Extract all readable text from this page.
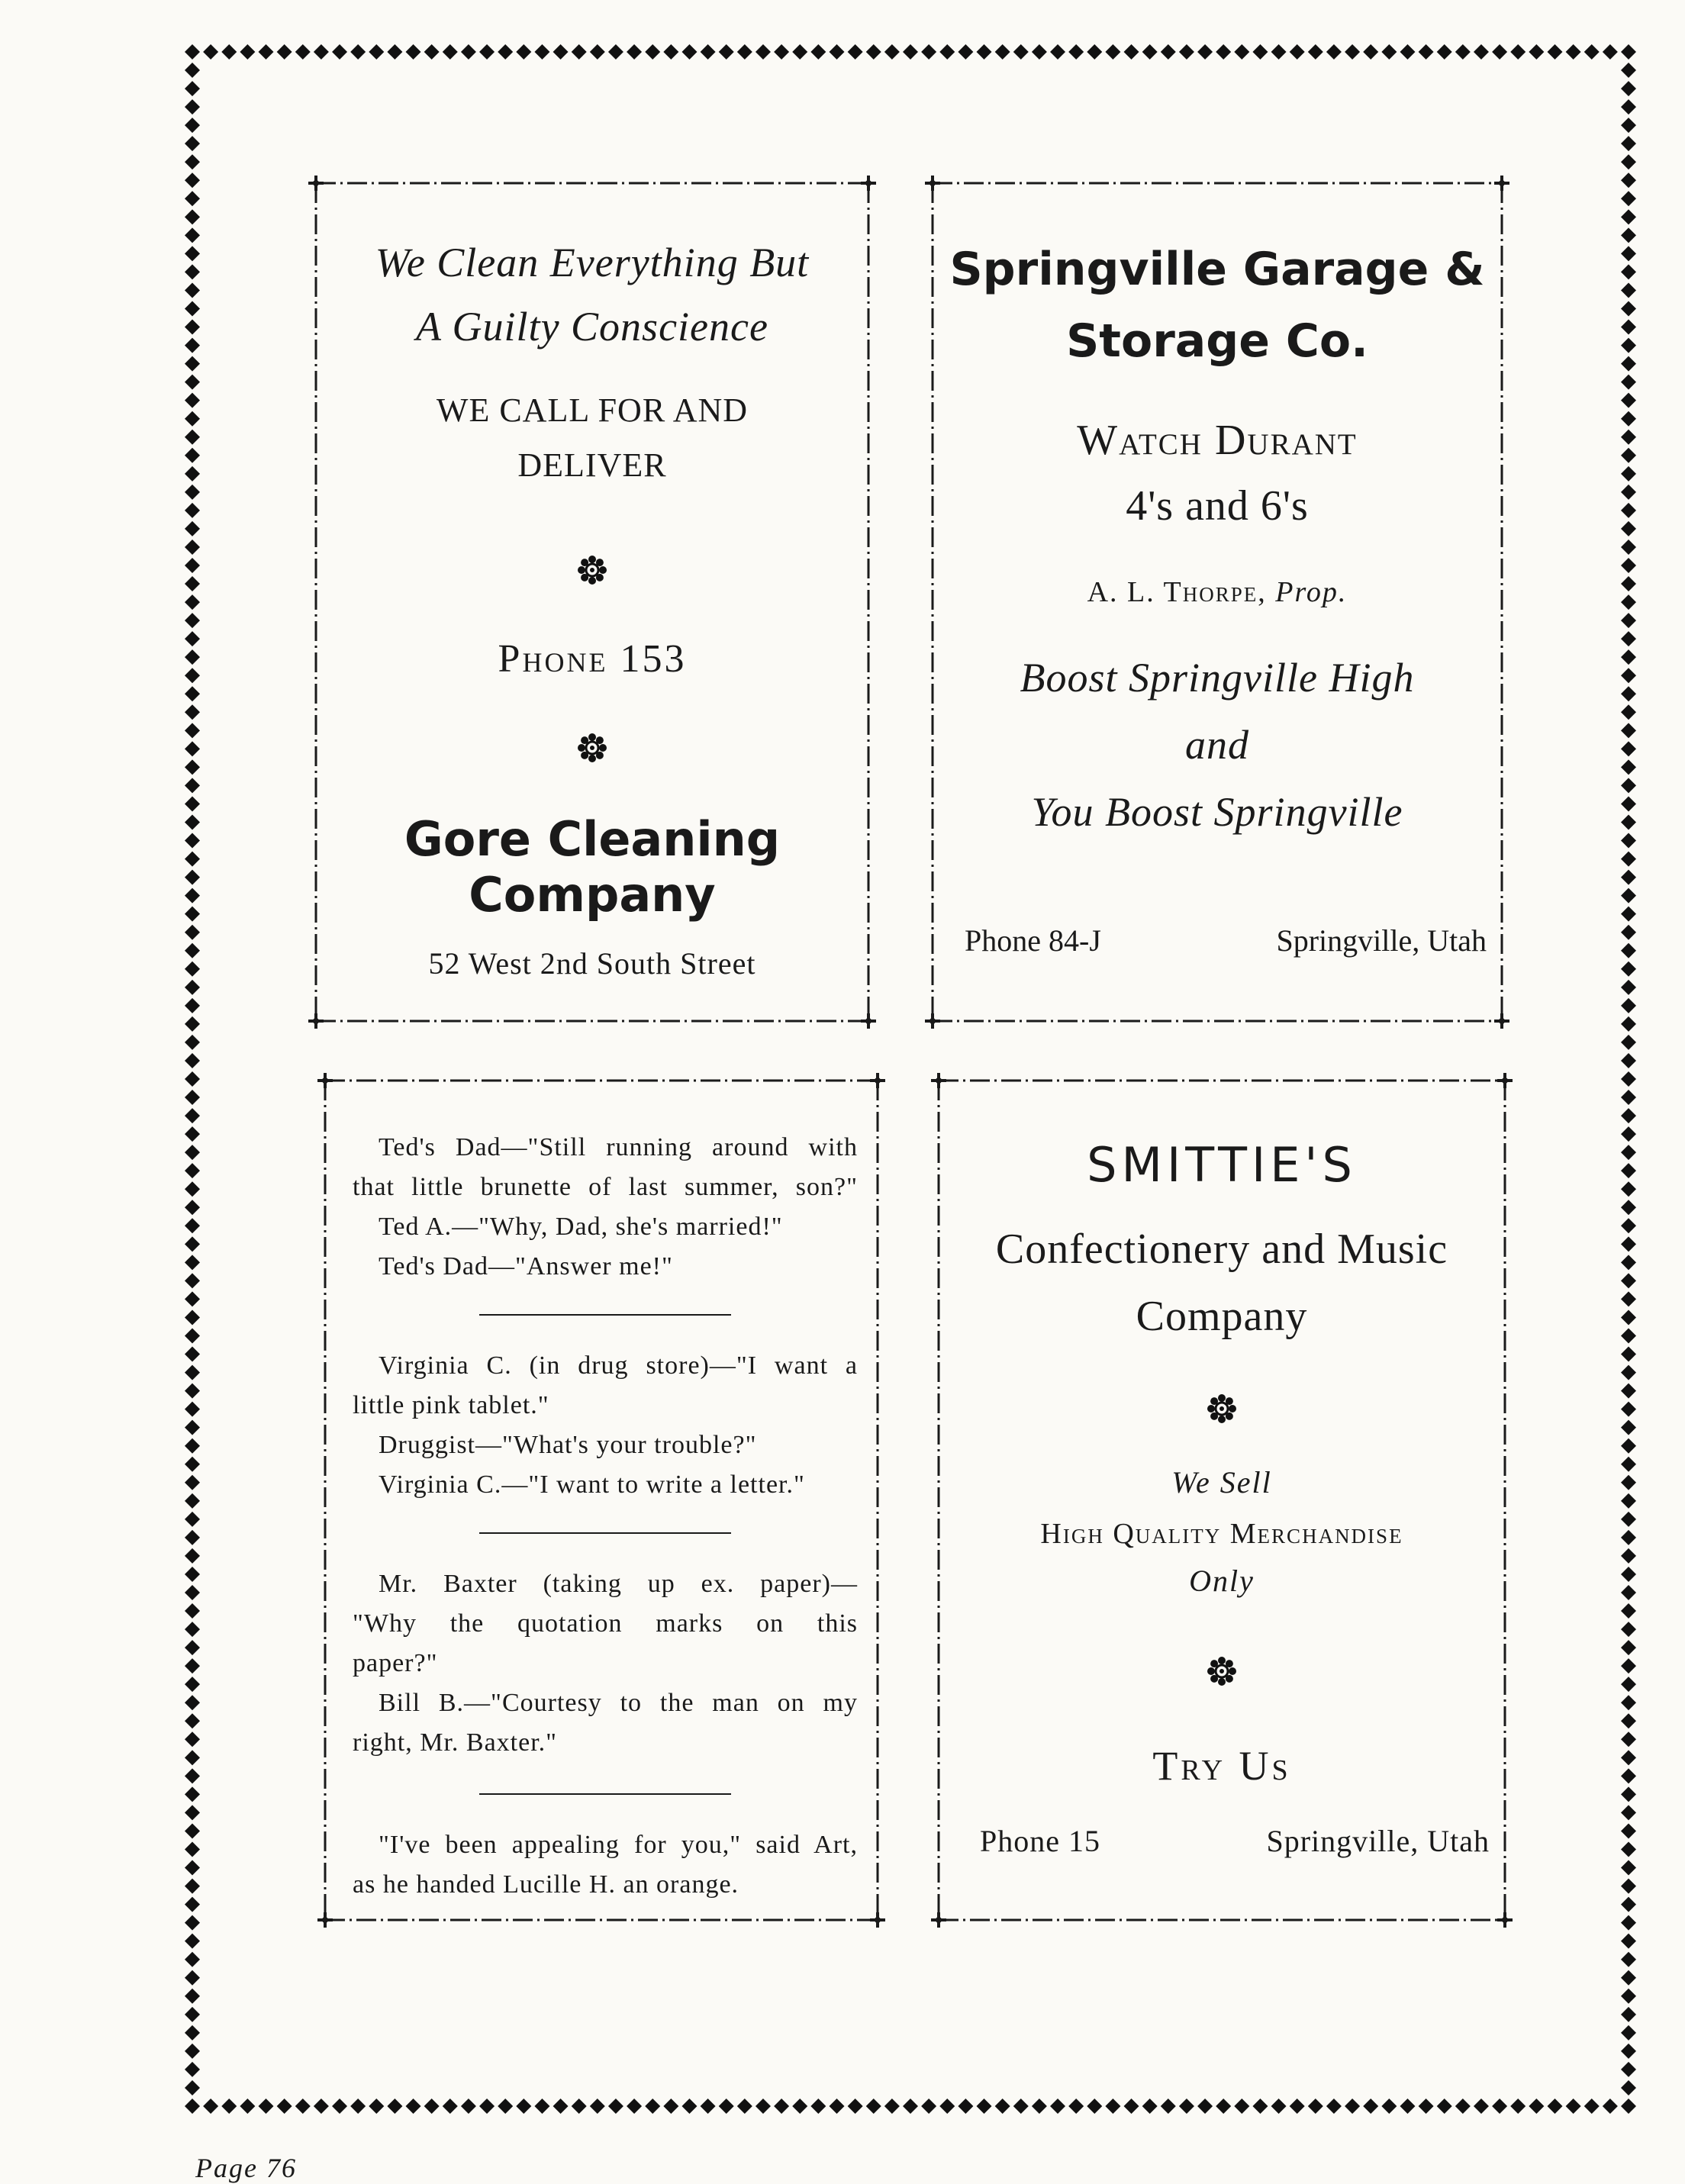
We Clean Everything But
A Guilty Conscience
WE CALL FOR AND
DELIVER
Phone 153
Gore Cleaning Company
52 West 2nd South Street
Springville Garage &
Storage Co.
Watch Durant
4's and 6's
A. L. Thorpe, Prop.
Boost Springville High
and
You Boost Springville
Phone 84-J	Springville, Utah

Ted's Dad—"Still running around with

that little brunette of last summer, son?"

Ted A.—"Why, Dad, she's married!"

Ted's Dad—"Answer me!"

Virginia C. (in drug store)—"I want a

little pink tablet."

Druggist—"What's your trouble?"

Virginia C.—"I want to write a letter."

Mr. Baxter (taking up ex. paper)—

"Why the quotation marks on this

paper?"

Bill B.—"Courtesy to the man on my

right, Mr. Baxter."

"I've been appealing for you," said Art,

as he handed Lucille H. an orange.

SMITTIE'S
Confectionery and Music
Company
We Sell
High Quality Merchandise
Only
Try Us
Phone 15	Springville, Utah
Page 76
